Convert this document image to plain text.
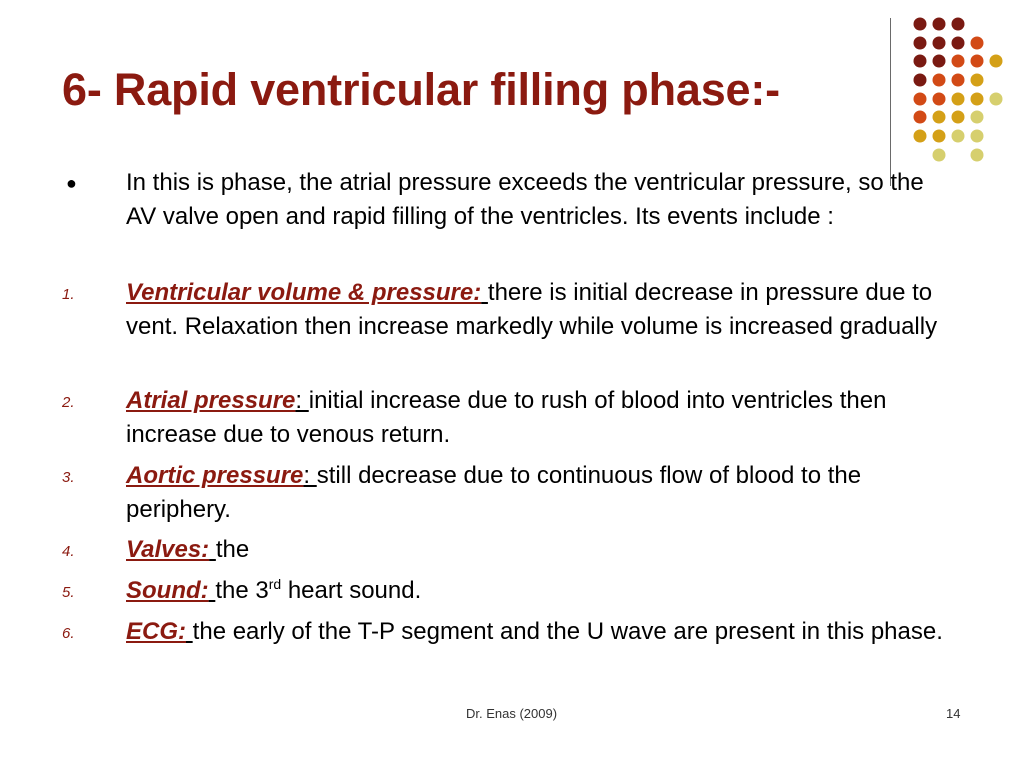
6- Rapid ventricular filling phase:-
●	In this is phase, the atrial pressure exceeds the ventricular pressure, so the AV valve open and rapid filling of the ventricles. Its events include :
1.	Ventricular volume & pressure: there is initial decrease in pressure due to vent. Relaxation then increase markedly while volume is increased gradually
2.	Atrial pressure: initial increase due to rush of blood into ventricles then increase due to venous return.
3.	Aortic pressure: still decrease due to continuous flow of blood to the periphery.
4.	Valves: the
5.	Sound: the 3rd heart sound.
6.	ECG: the early of the T-P segment and the U wave are present in this phase.
Dr. Enas (2009)	14
